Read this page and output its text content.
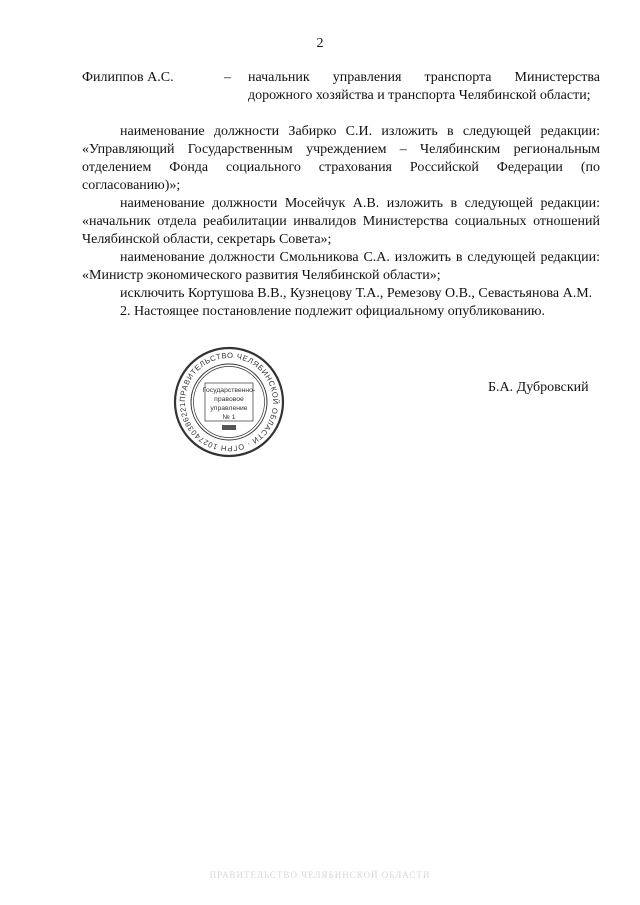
2
Филиппов А.С.	– начальник управления транспорта Министерства дорожного хозяйства и транспорта Челябинской области;

наименование должности Забирко С.И. изложить в следующей редакции: «Управляющий Государственным учреждением – Челябинским региональным отделением Фонда социального страхования Российской Федерации (по согласованию)»;

наименование должности Мосейчук А.В. изложить в следующей редакции: «начальник отдела реабилитации инвалидов Министерства социальных отношений Челябинской области, секретарь Совета»;

наименование должности Смольникова С.А. изложить в следующей редакции: «Министр экономического развития Челябинской области»;

исключить Кортушова В.В., Кузнецову Т.А., Ремезову О.В., Севастьянова А.М.

2. Настоящее постановление подлежит официальному опубликованию.

ПРАВИТЕЛЬСТВО ЧЕЛЯБИНСКОЙ ОБЛАСТИ · ОГРН 102740386221
Государственно-
правовое
управление
№ 1
Б.А. Дубровский
ПРАВИТЕЛЬСТВО ЧЕЛЯБИНСКОЙ ОБЛАСТИ
